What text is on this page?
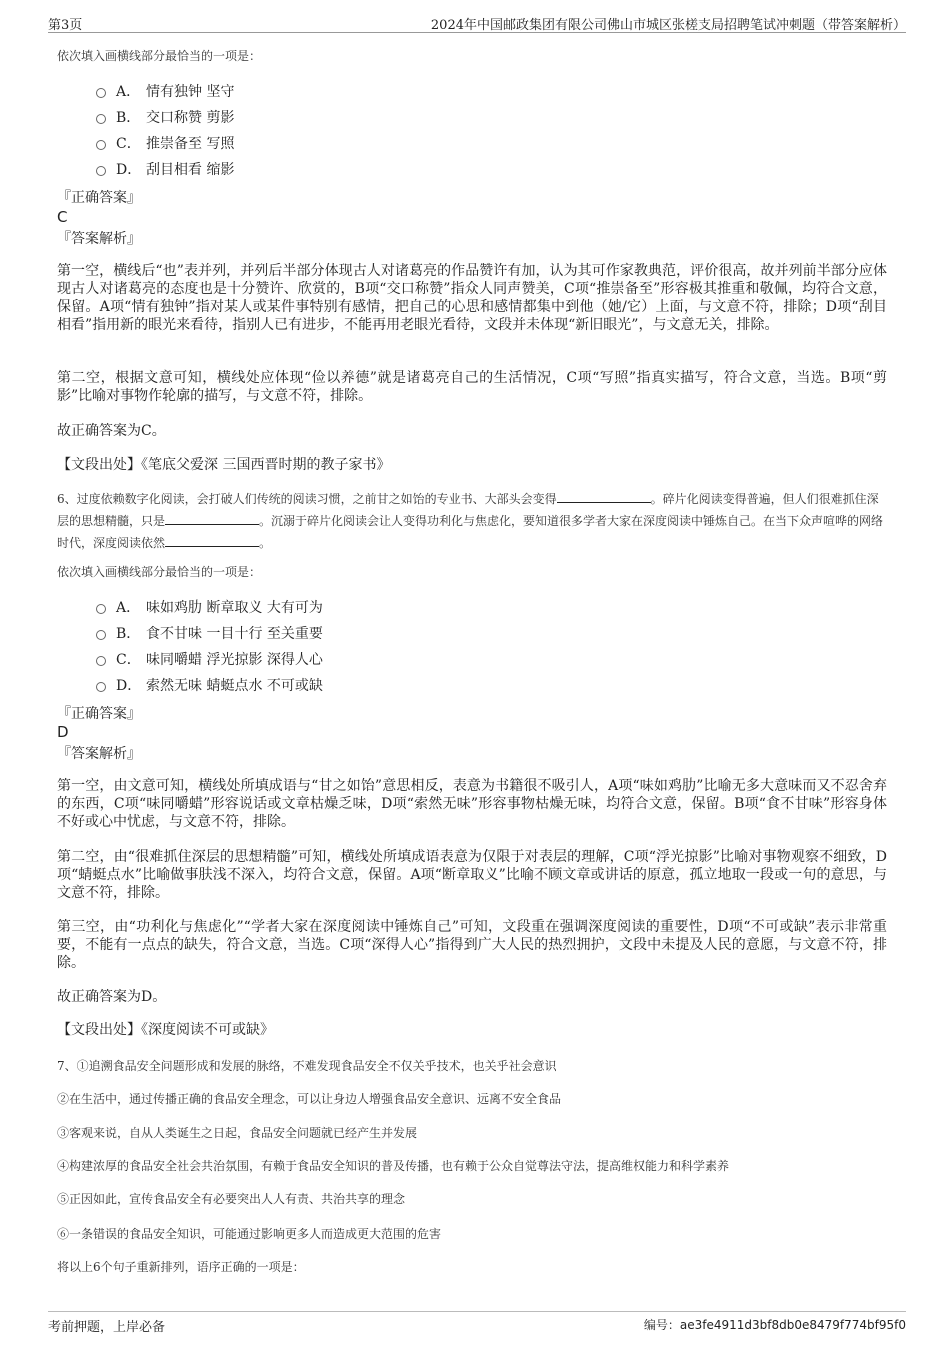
第3页	2024年中国邮政集团有限公司佛山市城区张槎支局招聘笔试冲刺题（带答案解析）
依次填入画横线部分最恰当的一项是：
A． 情有独钟 坚守
B． 交口称赞 剪影
C． 推崇备至 写照
D． 刮目相看 缩影
『正确答案』
C
『答案解析』
第一空，横线后“也”表并列，并列后半部分体现古人对诸葛亮的作品赞许有加，认为其可作家教典范，评价很高，故并列前半部分应体现古人对诸葛亮的态度也是十分赞许、欣赏的，B项“交口称赞”指众人同声赞美，C项“推崇备至”形容极其推重和敬佩，均符合文意，保留。A项“情有独钟”指对某人或某件事特别有感情，把自己的心思和感情都集中到他（她/它）上面，与文意不符，排除；D项“刮目相看”指用新的眼光来看待，指别人已有进步，不能再用老眼光看待，文段并未体现“新旧眼光”，与文意无关，排除。
第二空，根据文意可知，横线处应体现“俭以养德”就是诸葛亮自己的生活情况，C项“写照”指真实描写，符合文意，当选。B项“剪影”比喻对事物作轮廓的描写，与文意不符，排除。
故正确答案为C。
【文段出处】《笔底父爱深 三国西晋时期的教子家书》
6、过度依赖数字化阅读，会打破人们传统的阅读习惯，之前甘之如饴的专业书、大部头会变得	。碎片化阅读变得普遍，但人们很难抓住深层的思想精髓，只是	。沉溺于碎片化阅读会让人变得功利化与焦虑化，要知道很多学者大家在深度阅读中锤炼自己。在当下众声喧哗的网络时代，深度阅读依然	。
依次填入画横线部分最恰当的一项是：
A． 味如鸡肋 断章取义 大有可为
B． 食不甘味 一目十行 至关重要
C． 味同嚼蜡 浮光掠影 深得人心
D． 索然无味 蜻蜓点水 不可或缺
『正确答案』
D
『答案解析』
第一空，由文意可知，横线处所填成语与“甘之如饴”意思相反，表意为书籍很不吸引人，A项“味如鸡肋”比喻无多大意味而又不忍舍弃的东西，C项“味同嚼蜡”形容说话或文章枯燥乏味，D项“索然无味”形容事物枯燥无味，均符合文意，保留。B项“食不甘味”形容身体不好或心中忧虑，与文意不符，排除。
第二空，由“很难抓住深层的思想精髓”可知，横线处所填成语表意为仅限于对表层的理解，C项“浮光掠影”比喻对事物观察不细致，D项“蜻蜓点水”比喻做事肤浅不深入，均符合文意，保留。A项“断章取义”比喻不顾文章或讲话的原意，孤立地取一段或一句的意思，与文意不符，排除。
第三空，由“功利化与焦虑化”“学者大家在深度阅读中锤炼自己”可知，文段重在强调深度阅读的重要性，D项“不可或缺”表示非常重要，不能有一点点的缺失，符合文意，当选。C项“深得人心”指得到广大人民的热烈拥护，文段中未提及人民的意愿，与文意不符，排除。
故正确答案为D。
【文段出处】《深度阅读不可或缺》
7、①追溯食品安全问题形成和发展的脉络，不难发现食品安全不仅关乎技术，也关乎社会意识
②在生活中，通过传播正确的食品安全理念，可以让身边人增强食品安全意识、远离不安全食品
③客观来说，自从人类诞生之日起，食品安全问题就已经产生并发展
④构建浓厚的食品安全社会共治氛围，有赖于食品安全知识的普及传播，也有赖于公众自觉尊法守法，提高维权能力和科学素养
⑤正因如此，宣传食品安全有必要突出人人有责、共治共享的理念
⑥一条错误的食品安全知识，可能通过影响更多人而造成更大范围的危害
将以上6个句子重新排列，语序正确的一项是：
考前押题，上岸必备	编号：ae3fe4911d3bf8db0e8479f774bf95f0
